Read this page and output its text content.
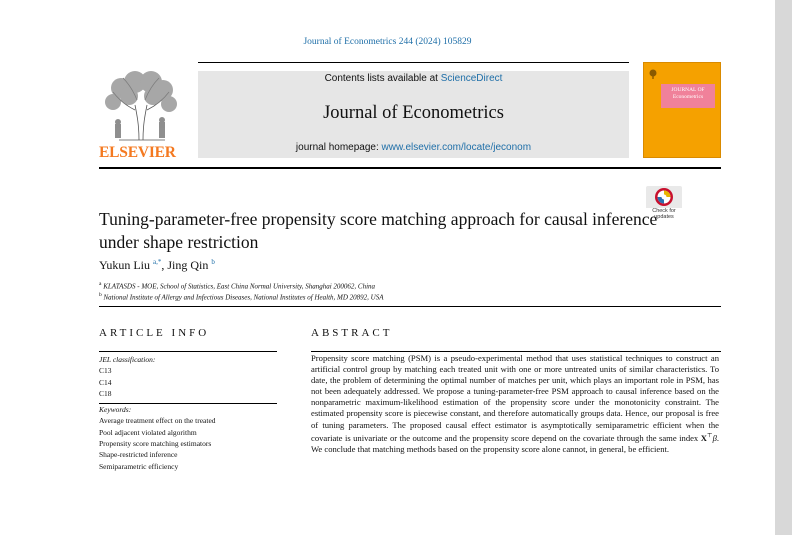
Journal of Econometrics 244 (2024) 105829
ELSEVIER
Contents lists available at ScienceDirect
Journal of Econometrics
journal homepage: www.elsevier.com/locate/jeconom
JOURNAL OF Econometrics
Check for
updates
Tuning-parameter-free propensity score matching approach for causal inference under shape restriction
Yukun Liu $^{a,*}$, Jing Qin $^b$
$^a$ KLATASDS - MOE, School of Statistics, East China Normal University, Shanghai 200062, China
$^b$ National Institute of Allergy and Infectious Diseases, National Institutes of Health, MD 20892, USA
ARTICLE INFO
JEL classification:
C13
C14
C18
Keywords:
Average treatment effect on the treated
Pool adjacent violated algorithm
Propensity score matching estimators
Shape-restricted inference
Semiparametric efficiency
ABSTRACT
Propensity score matching (PSM) is a pseudo-experimental method that uses statistical techniques to construct an artificial control group by matching each treated unit with one or more untreated units of similar characteristics. To date, the problem of determining the optimal number of matches per unit, which plays an important role in PSM, has not been adequately addressed. We propose a tuning-parameter-free PSM approach to causal inference based on the nonparametric maximum-likelihood estimation of the propensity score under the monotonicity constraint. The estimated propensity score is piecewise constant, and therefore automatically groups data. Hence, our proposal is free of tuning parameters. The proposed causal effect estimator is asymptotically semiparametric efficient when the covariate is univariate or the outcome and the propensity score depend on the covariate through the same index X⊤β. We conclude that matching methods based on the propensity score alone cannot, in general, be efficient.
